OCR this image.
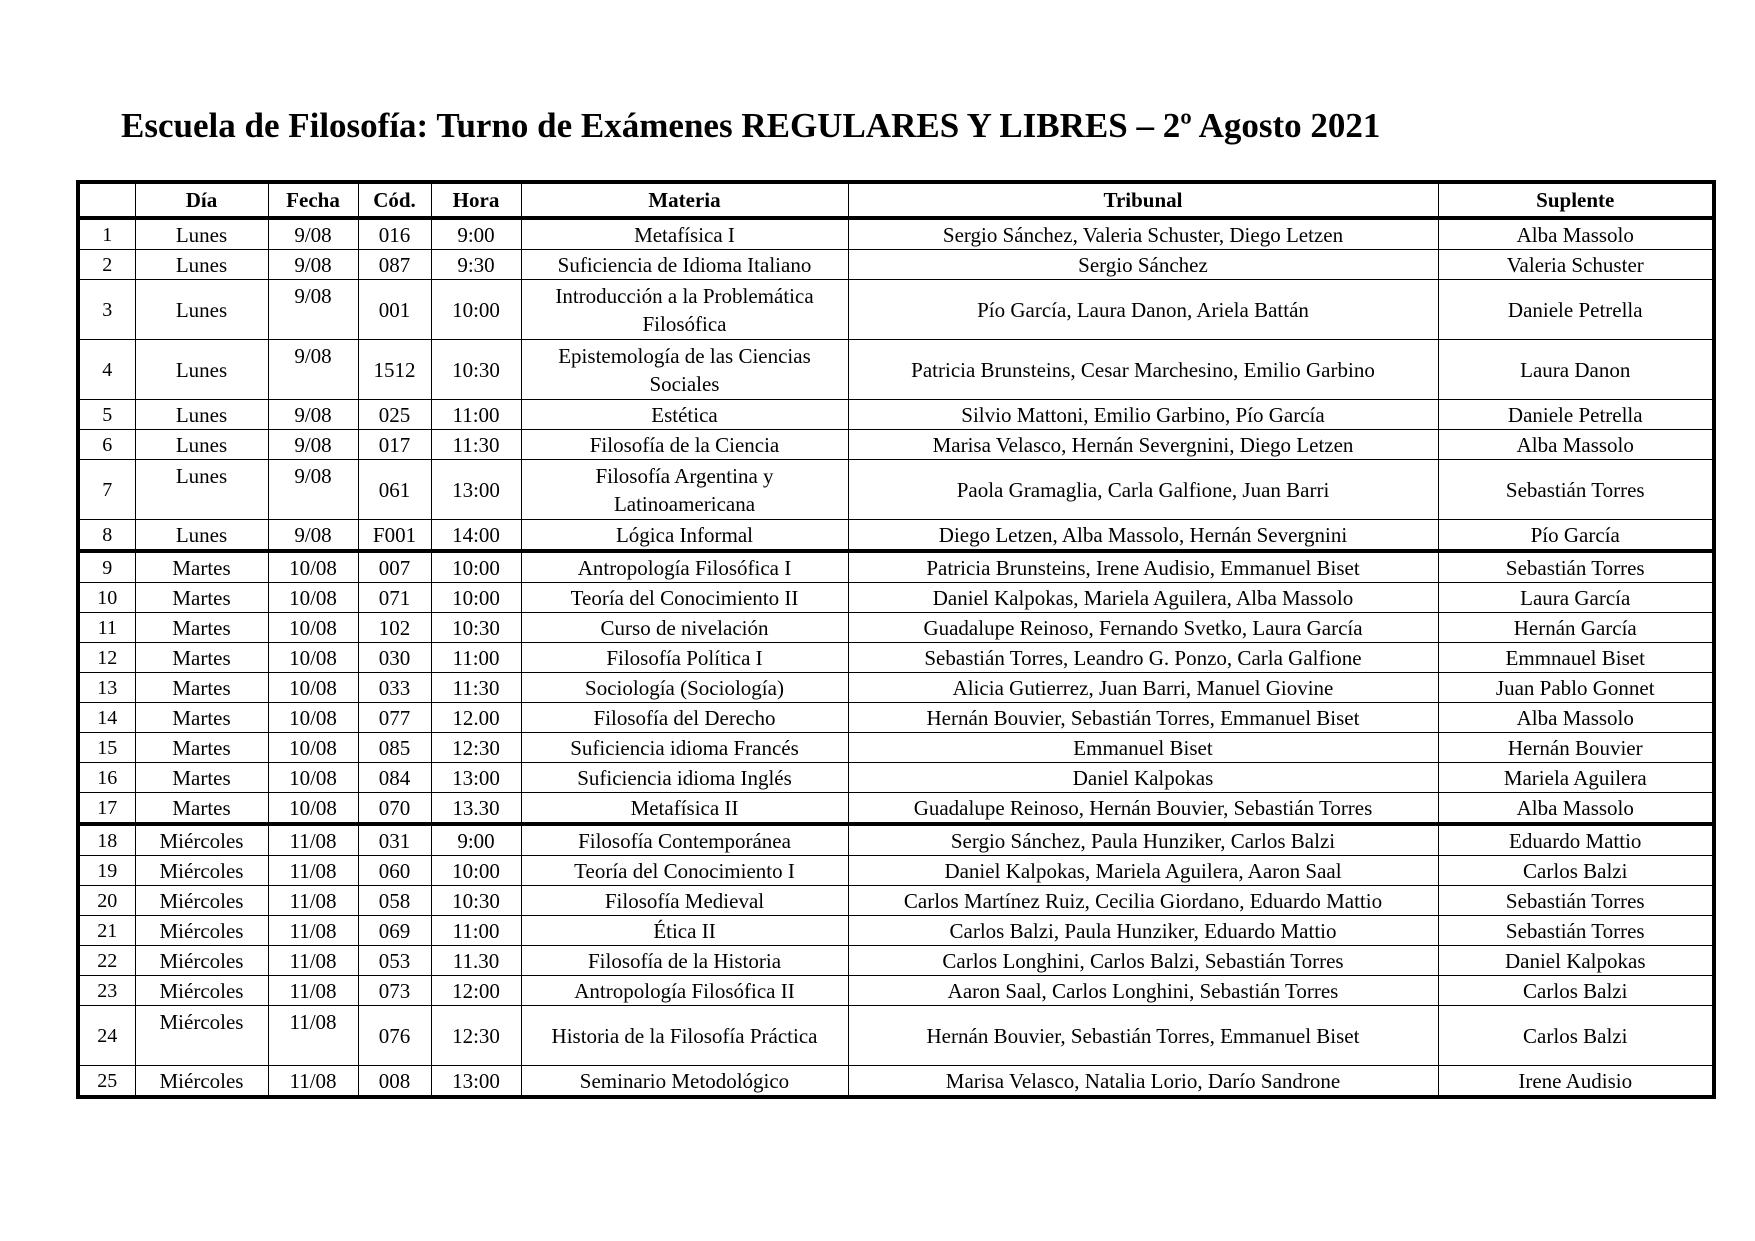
Escuela de Filosofía: Turno de Exámenes REGULARES Y LIBRES – 2º Agosto 2021
	Día	Fecha	Cód.	Hora	Materia	Tribunal	Suplente
1	Lunes	9/08	016	9:00	Metafísica I	Sergio Sánchez, Valeria Schuster, Diego Letzen	Alba Massolo
2	Lunes	9/08	087	9:30	Suficiencia de Idioma Italiano	Sergio Sánchez	Valeria Schuster
3	Lunes	9/08	001	10:00	Introducción a la Problemática Filosófica	Pío García, Laura Danon, Ariela Battán	Daniele Petrella
4	Lunes	9/08	1512	10:30	Epistemología de las Ciencias Sociales	Patricia Brunsteins, Cesar Marchesino, Emilio Garbino	Laura Danon
5	Lunes	9/08	025	11:00	Estética	Silvio Mattoni, Emilio Garbino, Pío García	Daniele Petrella
6	Lunes	9/08	017	11:30	Filosofía de la Ciencia	Marisa Velasco, Hernán Severgnini, Diego Letzen	Alba Massolo
7	Lunes	9/08	061	13:00	Filosofía Argentina y Latinoamericana	Paola Gramaglia, Carla Galfione, Juan Barri	Sebastián Torres
8	Lunes	9/08	F001	14:00	Lógica Informal	Diego Letzen, Alba Massolo, Hernán Severgnini	Pío García
9	Martes	10/08	007	10:00	Antropología Filosófica I	Patricia Brunsteins, Irene Audisio, Emmanuel Biset	Sebastián Torres
10	Martes	10/08	071	10:00	Teoría del Conocimiento II	Daniel Kalpokas, Mariela Aguilera, Alba Massolo	Laura García
11	Martes	10/08	102	10:30	Curso de nivelación	Guadalupe Reinoso, Fernando Svetko, Laura García	Hernán García
12	Martes	10/08	030	11:00	Filosofía Política I	Sebastián Torres, Leandro G. Ponzo, Carla Galfione	Emmnauel Biset
13	Martes	10/08	033	11:30	Sociología (Sociología)	Alicia Gutierrez, Juan Barri, Manuel Giovine	Juan Pablo Gonnet
14	Martes	10/08	077	12.00	Filosofía del Derecho	Hernán Bouvier, Sebastián Torres, Emmanuel Biset	Alba Massolo
15	Martes	10/08	085	12:30	Suficiencia idioma Francés	Emmanuel Biset	Hernán Bouvier
16	Martes	10/08	084	13:00	Suficiencia idioma Inglés	Daniel Kalpokas	Mariela Aguilera
17	Martes	10/08	070	13.30	Metafísica II	Guadalupe Reinoso, Hernán Bouvier, Sebastián Torres	Alba Massolo
18	Miércoles	11/08	031	9:00	Filosofía Contemporánea	Sergio Sánchez, Paula Hunziker, Carlos Balzi	Eduardo Mattio
19	Miércoles	11/08	060	10:00	Teoría del Conocimiento I	Daniel Kalpokas, Mariela Aguilera, Aaron Saal	Carlos Balzi
20	Miércoles	11/08	058	10:30	Filosofía Medieval	Carlos Martínez Ruiz, Cecilia Giordano, Eduardo Mattio	Sebastián Torres
21	Miércoles	11/08	069	11:00	Ética II	Carlos Balzi, Paula Hunziker, Eduardo Mattio	Sebastián Torres
22	Miércoles	11/08	053	11.30	Filosofía de la Historia	Carlos Longhini, Carlos Balzi, Sebastián Torres	Daniel Kalpokas
23	Miércoles	11/08	073	12:00	Antropología Filosófica II	Aaron Saal, Carlos Longhini, Sebastián Torres	Carlos Balzi
24	Miércoles	11/08	076	12:30	Historia de la Filosofía Práctica	Hernán Bouvier, Sebastián Torres, Emmanuel Biset	Carlos Balzi
25	Miércoles	11/08	008	13:00	Seminario Metodológico	Marisa Velasco, Natalia Lorio, Darío Sandrone	Irene Audisio
